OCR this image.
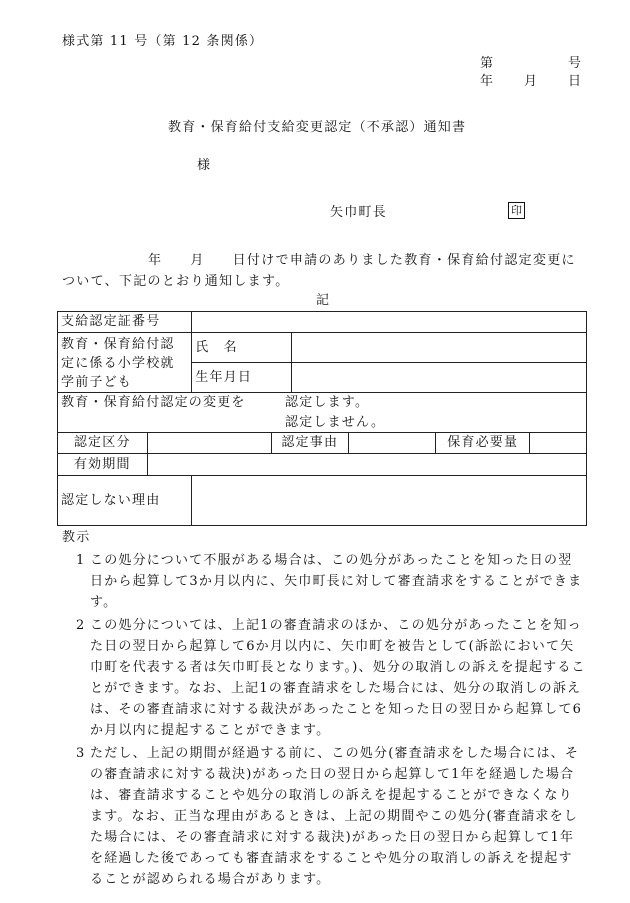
様式第 11 号（第 12 条関係）
第	号
年 月 日
教育・保育給付支給変更認定（不承認）通知書
様
矢巾町長	印
年 月 日付けで申請のありました教育・保育給付認定変更に
ついて、下記のとおり通知します。
記
支給認定証番号							

教育・保育給付認
定に係る小学校就
学前子ども		氏　名					
		生年月日					
教育・保育給付認定の変更を 認定します。
認定しません。							

認定区分			認定事由			保育必要量	
有効期間							
認定しない理由							
教示
1 この処分について不服がある場合は、この処分があったことを知った日の翌日から起算して3か月以内に、矢巾町長に対して審査請求をすることができます。
2 この処分については、上記1の審査請求のほか、この処分があったことを知った日の翌日から起算して6か月以内に、矢巾町を被告として(訴訟において矢巾町を代表する者は矢巾町長となります。)、処分の取消しの訴えを提起することができます。なお、上記1の審査請求をした場合には、処分の取消しの訴えは、その審査請求に対する裁決があったことを知った日の翌日から起算して6か月以内に提起することができます。
3 ただし、上記の期間が経過する前に、この処分(審査請求をした場合には、その審査請求に対する裁決)があった日の翌日から起算して1年を経過した場合は、審査請求することや処分の取消しの訴えを提起することができなくなります。なお、正当な理由があるときは、上記の期間やこの処分(審査請求をした場合には、その審査請求に対する裁決)があった日の翌日から起算して1年を経過した後であっても審査請求をすることや処分の取消しの訴えを提起することが認められる場合があります。
